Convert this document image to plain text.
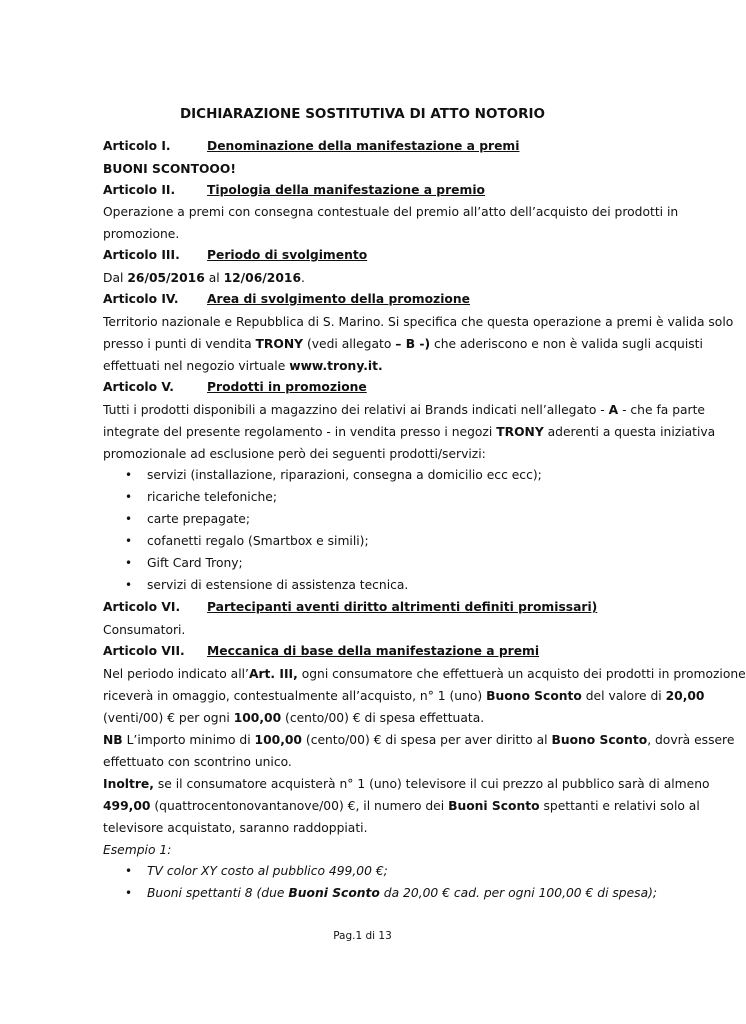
DICHIARAZIONE SOSTITUTIVA DI ATTO NOTORIO
Articolo I.	Denominazione della manifestazione a premi
BUONI SCONTOOO!
Articolo II.	Tipologia della manifestazione a premio
Operazione a premi con consegna contestuale del premio all’atto dell’acquisto dei prodotti in
promozione.
Articolo III. Periodo di svolgimento
Dal 26/05/2016 al 12/06/2016.
Articolo IV. Area di svolgimento della promozione
Territorio nazionale e Repubblica di S. Marino. Si specifica che questa operazione a premi è valida solo
presso i punti di vendita TRONY (vedi allegato – B -) che aderiscono e non è valida sugli acquisti
effettuati nel negozio virtuale www.trony.it.
Articolo V.	Prodotti in promozione
Tutti i prodotti disponibili a magazzino dei relativi ai Brands indicati nell’allegato - A - che fa parte
integrate del presente regolamento - in vendita presso i negozi TRONY aderenti a questa iniziativa
promozionale ad esclusione però dei seguenti prodotti/servizi:
• servizi (installazione, riparazioni, consegna a domicilio ecc ecc);
• ricariche telefoniche;
• carte prepagate;
• cofanetti regalo (Smartbox e simili);
• Gift Card Trony;
• servizi di estensione di assistenza tecnica.
Articolo VI. Partecipanti aventi diritto altrimenti definiti promissari)
Consumatori.
Articolo VII. Meccanica di base della manifestazione a premi
Nel periodo indicato all’Art. III, ogni consumatore che effettuerà un acquisto dei prodotti in promozione
riceverà in omaggio, contestualmente all’acquisto, n° 1 (uno) Buono Sconto del valore di 20,00
(venti/00) € per ogni 100,00 (cento/00) € di spesa effettuata.
NB L’importo minimo di 100,00 (cento/00) € di spesa per aver diritto al Buono Sconto, dovrà essere
effettuato con scontrino unico.
Inoltre, se il consumatore acquisterà n° 1 (uno) televisore il cui prezzo al pubblico sarà di almeno
499,00 (quattrocentonovantanove/00) €, il numero dei Buoni Sconto spettanti e relativi solo al
televisore acquistato, saranno raddoppiati.
Esempio 1:
• TV color XY costo al pubblico 499,00 €;
• Buoni spettanti 8 (due Buoni Sconto da 20,00 € cad. per ogni 100,00 € di spesa);
Pag.1 di 13
